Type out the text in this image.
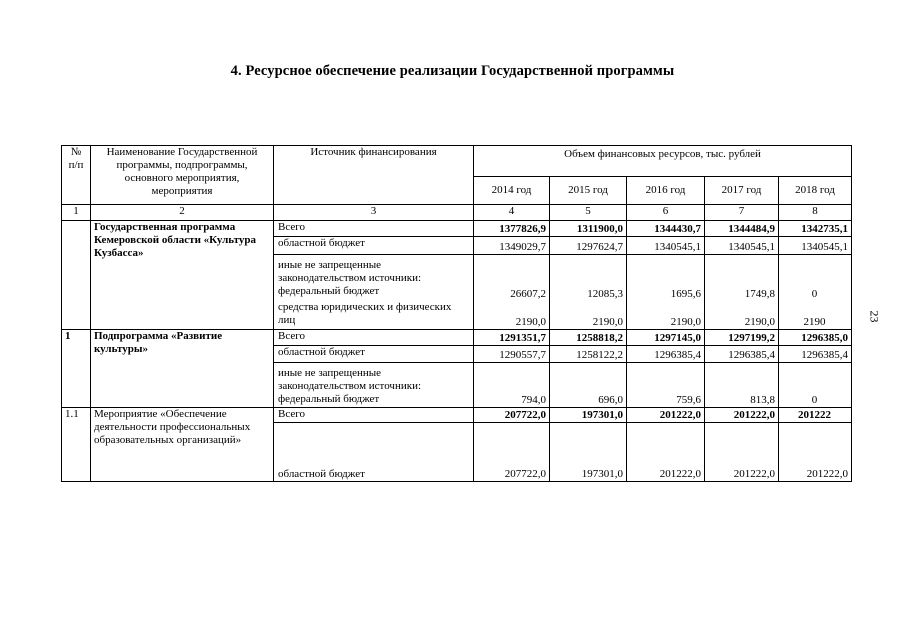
4. Ресурсное обеспечение реализации Государственной программы
23
№ п/п	Наименование Государственной программы, подпрограммы, основного мероприятия, мероприятия	Источник финансирования	Объем финансовых ресурсов, тыс. рублей				
			2014 год	2015 год	2016 год	2017 год	2018 год
1	2	3	4	5	6	7	8
	Государственная программа Кемеровской области «Культура Кузбасса»	Всего	1377826,9	1311900,0	1344430,7	1344484,9	1342735,1
		областной бюджет	1349029,7	1297624,7	1340545,1	1340545,1	1340545,1
		иные не запрещенные законодательством источники:					
		федеральный бюджет	26607,2	12085,3	1695,6	1749,8	0
		средства юридических и физических лиц	2190,0	2190,0	2190,0	2190,0	2190
1	Подпрограмма «Развитие культуры»	Всего	1291351,7	1258818,2	1297145,0	1297199,2	1296385,0
		областной бюджет	1290557,7	1258122,2	1296385,4	1296385,4	1296385,4
		иные не запрещенные законодательством источники:					
		федеральный бюджет	794,0	696,0	759,6	813,8	0
1.1	Мероприятие «Обеспечение деятельности профессиональных образовательных организаций»	Всего	207722,0	197301,0	201222,0	201222,0	201222
		областной бюджет	207722,0	197301,0	201222,0	201222,0	201222,0
